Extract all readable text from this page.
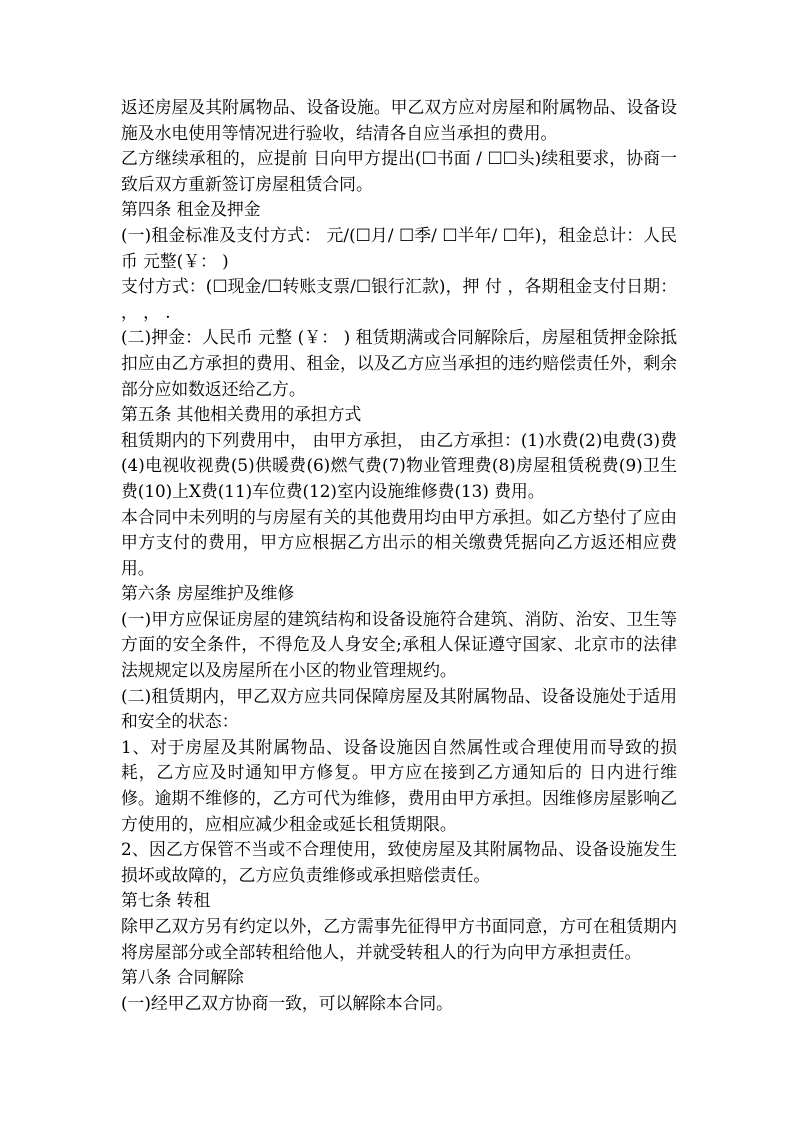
返还房屋及其附属物品、设备设施。甲乙双方应对房屋和附属物品、设备设施及水电使用等情况进行验收，结清各自应当承担的费用。

乙方继续承租的，应提前 日向甲方提出(☐书面 / ☐☐头)续租要求，协商一致后双方重新签订房屋租赁合同。

第四条 租金及押金

(一)租金标准及支付方式： 元/(☐月/ ☐季/ ☐半年/ ☐年)，租金总计：人民币 元整(￥： )

支付方式：(☐现金/☐转账支票/☐银行汇款)，押 付 ，各期租金支付日期： ， ， .

(二)押金：人民币 元整 (￥： ) 租赁期满或合同解除后，房屋租赁押金除抵扣应由乙方承担的费用、租金，以及乙方应当承担的违约赔偿责任外，剩余部分应如数返还给乙方。

第五条 其他相关费用的承担方式

租赁期内的下列费用中， 由甲方承担， 由乙方承担：(1)水费(2)电费(3)费(4)电视收视费(5)供暖费(6)燃气费(7)物业管理费(8)房屋租赁税费(9)卫生费(10)上X费(11)车位费(12)室内设施维修费(13) 费用。

本合同中未列明的与房屋有关的其他费用均由甲方承担。如乙方垫付了应由甲方支付的费用，甲方应根据乙方出示的相关缴费凭据向乙方返还相应费用。

第六条 房屋维护及维修

(一)甲方应保证房屋的建筑结构和设备设施符合建筑、消防、治安、卫生等方面的安全条件，不得危及人身安全;承租人保证遵守国家、北京市的法律法规规定以及房屋所在小区的物业管理规约。

(二)租赁期内，甲乙双方应共同保障房屋及其附属物品、设备设施处于适用和安全的状态：

1、对于房屋及其附属物品、设备设施因自然属性或合理使用而导致的损耗，乙方应及时通知甲方修复。甲方应在接到乙方通知后的 日内进行维修。逾期不维修的，乙方可代为维修，费用由甲方承担。因维修房屋影响乙方使用的，应相应减少租金或延长租赁期限。

2、因乙方保管不当或不合理使用，致使房屋及其附属物品、设备设施发生损坏或故障的，乙方应负责维修或承担赔偿责任。

第七条 转租

除甲乙双方另有约定以外，乙方需事先征得甲方书面同意，方可在租赁期内将房屋部分或全部转租给他人，并就受转租人的行为向甲方承担责任。

第八条 合同解除

(一)经甲乙双方协商一致，可以解除本合同。
